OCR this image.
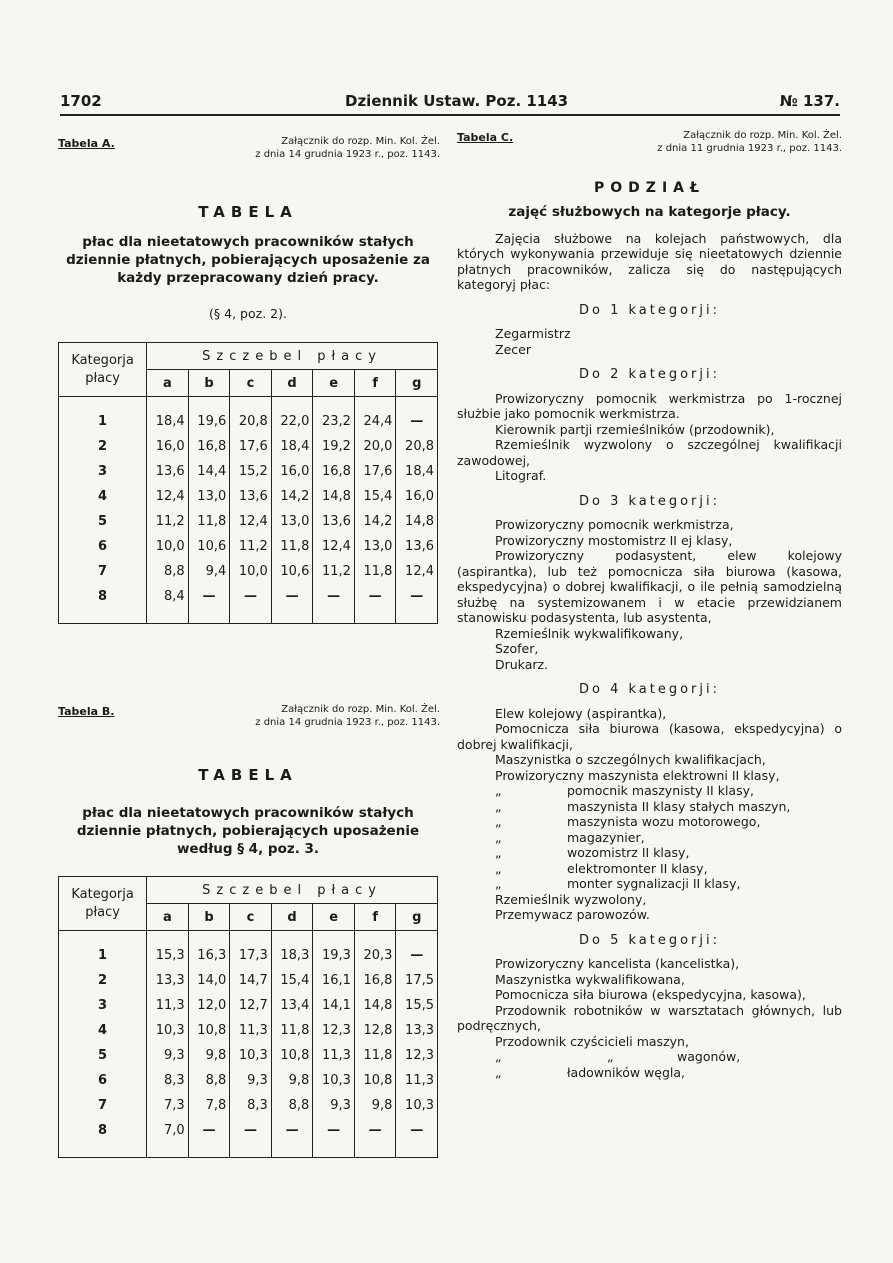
1702	Dziennik Ustaw. Poz. 1143	№ 137.
Tabela A.	Załącznik do rozp. Min. Kol. Żel.
z dnia 14 grudnia 1923 r., poz. 1143.
TABELA
płac dla nieetatowych pracowników stałych
dziennie płatnych, pobierających uposażenie za
każdy przepracowany dzień pracy.
(§ 4, poz. 2).
Kategorja
płacy	Szczebel płacy						
	a	b	c	d	e	f	g

1	18,4	19,6	20,8	22,0	23,2	24,4	—
2	16,0	16,8	17,6	18,4	19,2	20,0	20,8
3	13,6	14,4	15,2	16,0	16,8	17,6	18,4
4	12,4	13,0	13,6	14,2	14,8	15,4	16,0
5	11,2	11,8	12,4	13,0	13,6	14,2	14,8
6	10,0	10,6	11,2	11,8	12,4	13,0	13,6
7	8,8	9,4	10,0	10,6	11,2	11,8	12,4
8	8,4	—	—	—	—	—	—

Tabela B.	Załącznik do rozp. Min. Kol. Żel.
z dnia 14 grudnia 1923 r., poz. 1143.
TABELA
płac dla nieetatowych pracowników stałych
dziennie płatnych, pobierających uposażenie
według § 4, poz. 3.
Kategorja
płacy	Szczebel płacy						
	a	b	c	d	e	f	g

1	15,3	16,3	17,3	18,3	19,3	20,3	—
2	13,3	14,0	14,7	15,4	16,1	16,8	17,5
3	11,3	12,0	12,7	13,4	14,1	14,8	15,5
4	10,3	10,8	11,3	11,8	12,3	12,8	13,3
5	9,3	9,8	10,3	10,8	11,3	11,8	12,3
6	8,3	8,8	9,3	9,8	10,3	10,8	11,3
7	7,3	7,8	8,3	8,8	9,3	9,8	10,3
8	7,0	—	—	—	—	—	—

Tabela C.	Załącznik do rozp. Min. Kol. Żel.
z dnia 11 grudnia 1923 r., poz. 1143.
PODZIAŁ
zajęć służbowych na kategorje płacy.
Zajęcia służbowe na kolejach państwowych, dla których wykonywania przewiduje się nieetatowych dziennie płatnych pracowników, zalicza się do następujących kategoryj płac:
Do 1 kategorji:
Zegarmistrz
Zecer
Do 2 kategorji:
Prowizoryczny pomocnik werkmistrza po 1-rocznej służbie jako pomocnik werkmistrza.
Kierownik partji rzemieślników (przodownik),
Rzemieślnik wyzwolony o szczególnej kwalifikacji zawodowej,
Litograf.
Do 3 kategorji:
Prowizoryczny pomocnik werkmistrza,
Prowizoryczny mostomistrz II ej klasy,
Prowizoryczny podasystent, elew kolejowy (aspirantka), lub też pomocnicza siła biurowa (kasowa, ekspedycyjna) o dobrej kwalifikacji, o ile pełnią samodzielną służbę na systemizowanem i w etacie przewidzianem stanowisku podasystenta, lub asystenta,
Rzemieślnik wykwalifikowany,
Szofer,
Drukarz.
Do 4 kategorji:
Elew kolejowy (aspirantka),
Pomocnicza siła biurowa (kasowa, ekspedycyjna) o dobrej kwalifikacji,
Maszynistka o szczególnych kwalifikacjach,
Prowizoryczny maszynista elektrowni II klasy,
„	pomocnik maszynisty II klasy,
„	maszynista II klasy stałych maszyn,
„	maszynista wozu motorowego,
„	magazynier,
„	wozomistrz II klasy,
„	elektromonter II klasy,
„	monter sygnalizacji II klasy,
Rzemieślnik wyzwolony,
Przemywacz parowozów.
Do 5 kategorji:
Prowizoryczny kancelista (kancelistka),
Maszynistka wykwalifikowana,
Pomocnicza siła biurowa (ekspedycyjna, kasowa),
Przodownik robotników w warsztatach głównych, lub podręcznych,
Przodownik czyścicieli maszyn,
„	„	wagonów,
„	ładowników węgla,
